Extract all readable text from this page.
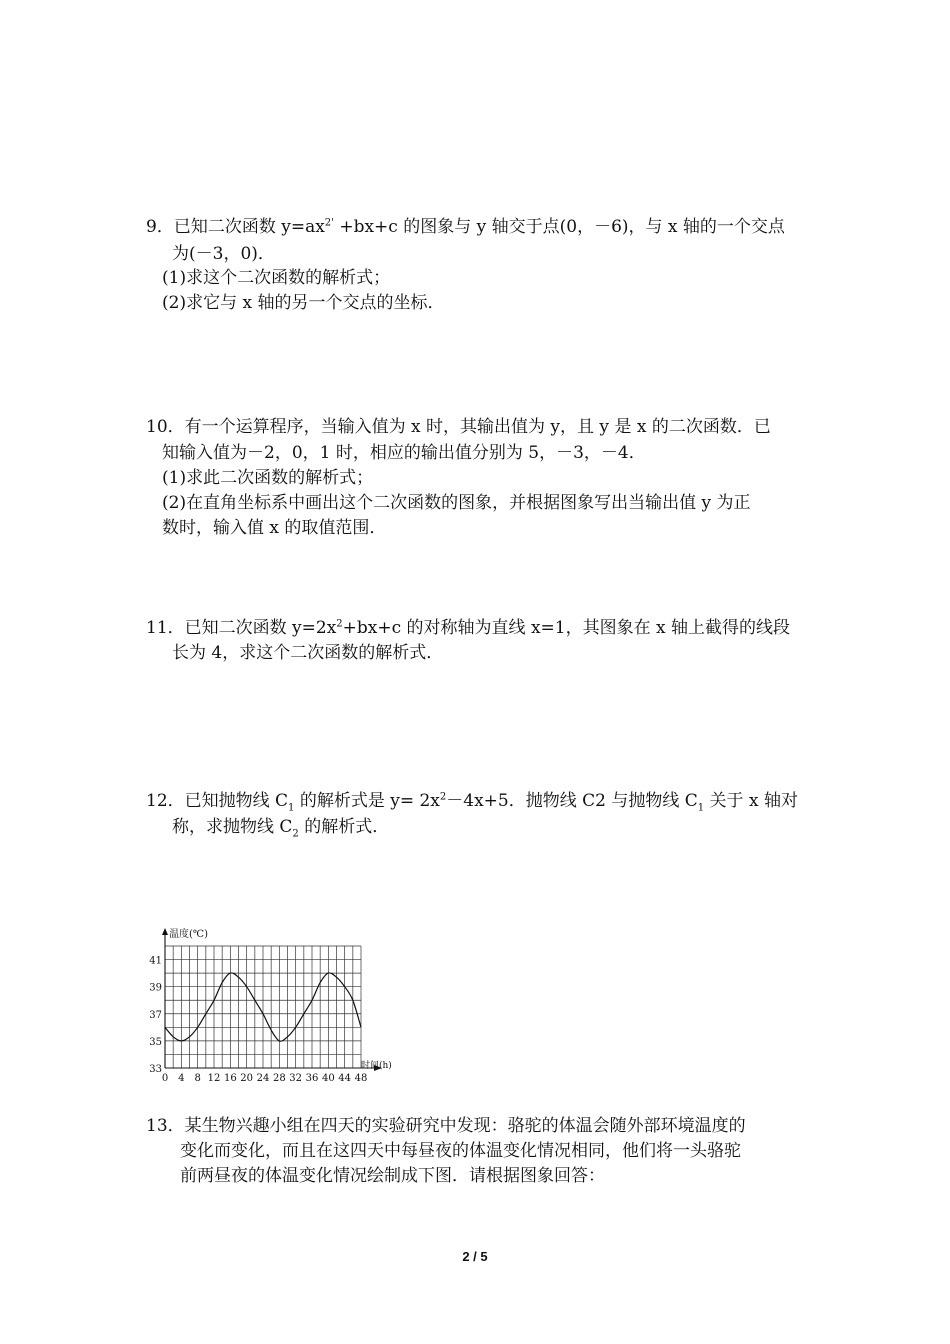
9．已知二次函数 $y=ax^{2'} +bx+c$ 的图象与 y 轴交于点(0，－6)，与 x 轴的一个交点
为(－3，0)．
(1)求这个二次函数的解析式；
(2)求它与 x 轴的另一个交点的坐标．
10．有一个运算程序，当输入值为 x 时，其输出值为 y，且 y 是 x 的二次函数．已
知输入值为－2，0，1 时，相应的输出值分别为 5，－3，－4．
(1)求此二次函数的解析式；
(2)在直角坐标系中画出这个二次函数的图象，并根据图象写出当输出值 y 为正
数时，输入值 x 的取值范围．
11．已知二次函数 $y=2x^2+bx+c$ 的对称轴为直线 x=1，其图象在 x 轴上截得的线段
长为 4，求这个二次函数的解析式．
12．已知抛物线 $C_1$ 的解析式是 $y= 2x^2-4x+5$．抛物线 C2 与抛物线 $C_1$ 关于 x 轴对
称，求抛物线 $C_2$ 的解析式．
33
35
37
39
41
0 4 8 12 16 20 24 28 32 36 40 44 48
温度(℃)
时间(h)
13．某生物兴趣小组在四天的实验研究中发现：骆驼的体温会随外部环境温度的
变化而变化，而且在这四天中每昼夜的体温变化情况相同，他们将一头骆驼
前两昼夜的体温变化情况绘制成下图．请根据图象回答：
2 / 5
